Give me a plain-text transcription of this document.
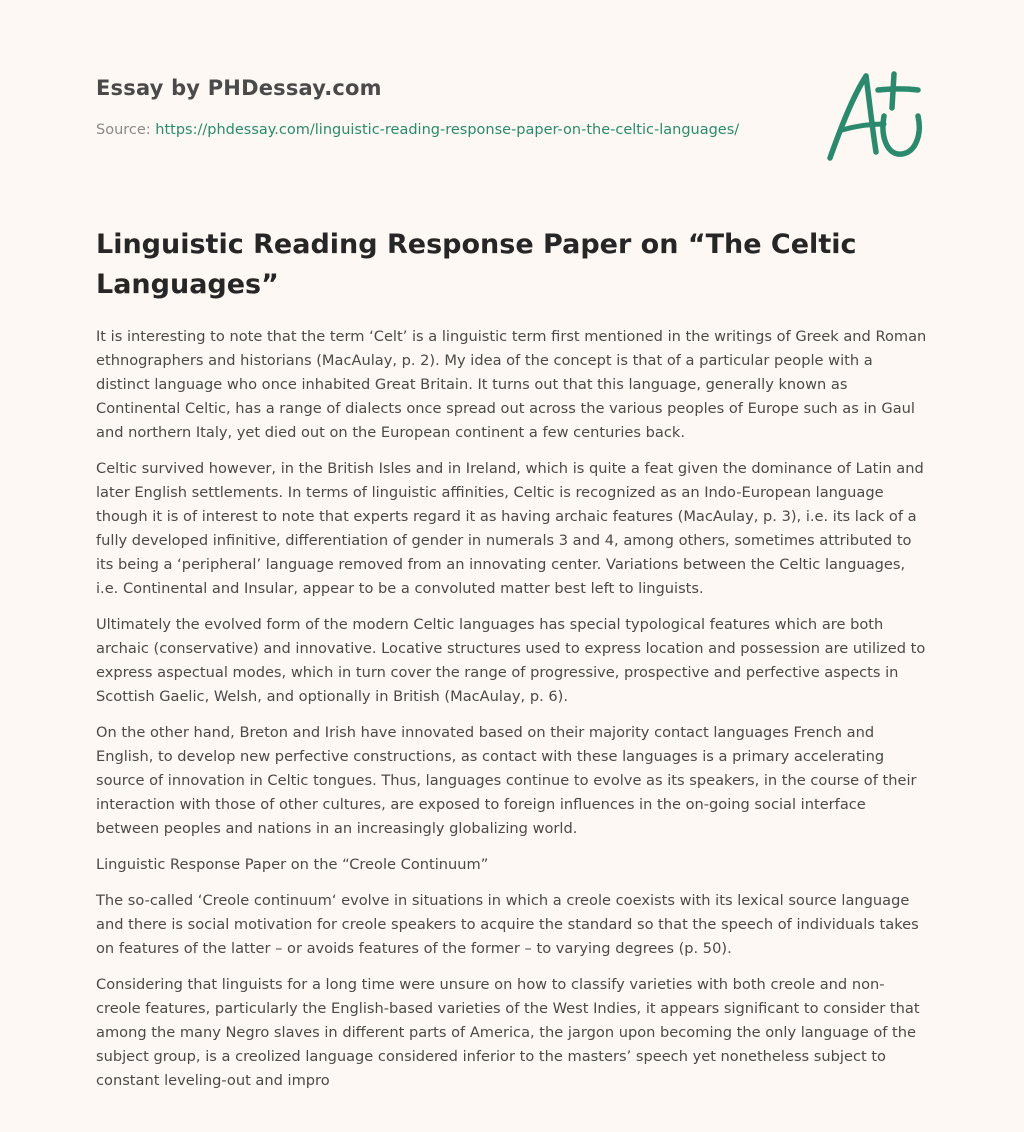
Essay by PHDessay.com
Source: https://phdessay.com/linguistic-reading-response-paper-on-the-celtic-languages/
Linguistic Reading Response Paper on “The Celtic Languages”

It is interesting to note that the term ‘Celt’ is a linguistic term first mentioned in the writings of Greek and Roman ethnographers and historians (MacAulay, p. 2). My idea of the concept is that of a particular people with a distinct language who once inhabited Great Britain. It turns out that this language, generally known as Continental Celtic, has a range of dialects once spread out across the various peoples of Europe such as in Gaul and northern Italy, yet died out on the European continent a few centuries back.

Celtic survived however, in the British Isles and in Ireland, which is quite a feat given the dominance of Latin and later English settlements. In terms of linguistic affinities, Celtic is recognized as an Indo-European language though it is of interest to note that experts regard it as having archaic features (MacAulay, p. 3), i.e. its lack of a fully developed infinitive, differentiation of gender in numerals 3 and 4, among others, sometimes attributed to its being a ‘peripheral’ language removed from an innovating center. Variations between the Celtic languages, i.e. Continental and Insular, appear to be a convoluted matter best left to linguists.

Ultimately the evolved form of the modern Celtic languages has special typological features which are both archaic (conservative) and innovative. Locative structures used to express location and possession are utilized to express aspectual modes, which in turn cover the range of progressive, prospective and perfective aspects in Scottish Gaelic, Welsh, and optionally in British (MacAulay, p. 6).

On the other hand, Breton and Irish have innovated based on their majority contact languages French and English, to develop new perfective constructions, as contact with these languages is a primary accelerating source of innovation in Celtic tongues. Thus, languages continue to evolve as its speakers, in the course of their interaction with those of other cultures, are exposed to foreign influences in the on-going social interface between peoples and nations in an increasingly globalizing world.

Linguistic Response Paper on the “Creole Continuum”

The so-called ‘Creole continuum‘ evolve in situations in which a creole coexists with its lexical source language and there is social motivation for creole speakers to acquire the standard so that the speech of individuals takes on features of the latter – or avoids features of the former – to varying degrees (p. 50).

Considering that linguists for a long time were unsure on how to classify varieties with both creole and non-creole features, particularly the English-based varieties of the West Indies, it appears significant to consider that among the many Negro slaves in different parts of America, the jargon upon becoming the only language of the subject group, is a creolized language considered inferior to the masters’ speech yet nonetheless subject to constant leveling-out and impro
